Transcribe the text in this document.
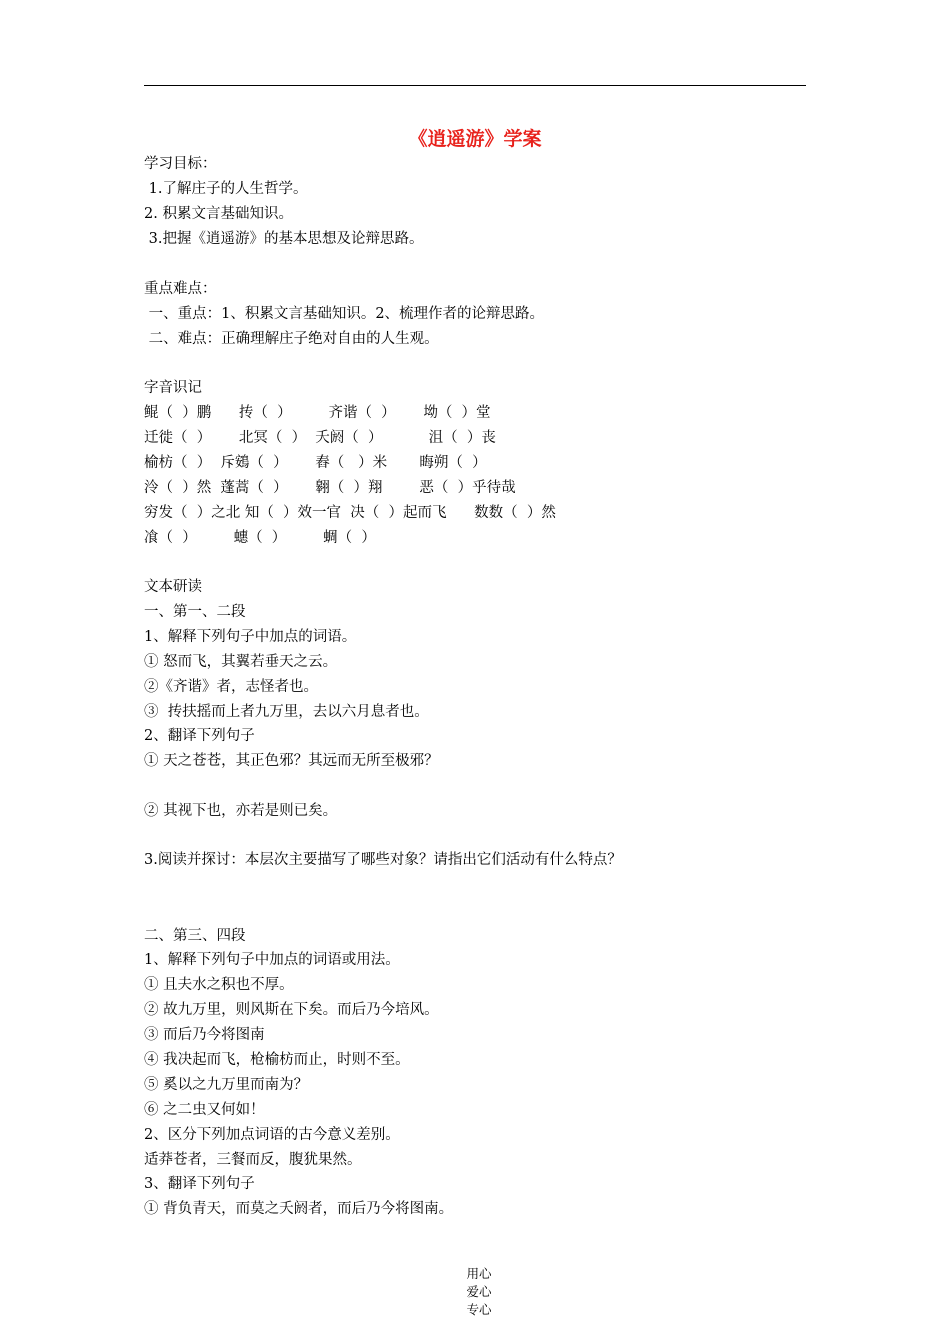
《逍遥游》学案

学习目标：

1.了解庄子的人生哲学。

2. 积累文言基础知识。

3.把握《逍遥游》的基本思想及论辩思路。

重点难点：

一、重点：1、积累文言基础知识。2、梳理作者的论辩思路。

二、难点：正确理解庄子绝对自由的人生观。

字音识记

鲲（  ）鹏      抟（  ）        齐谐（  ）      坳（  ）堂

迁徙（  ）      北冥（  ）  夭阏（  ）          沮（  ）丧

榆枋（  ）  斥鴳（  ）      舂（   ）米       晦朔（  ）

泠（  ）然  蓬蒿（  ）      翱（  ）翔        恶（  ）乎待哉

穷发（  ）之北 知（  ）效一官  决（  ）起而飞      数数（  ）然

飡（  ）        蟪（  ）        蜩（  ）

文本研读

一、第一、二段

1、解释下列句子中加点的词语。

① 怒而飞，其翼若垂天之云。

②《齐谐》者，志怪者也。

③  抟扶摇而上者九万里，去以六月息者也。

2、翻译下列句子

① 天之苍苍，其正色邪？其远而无所至极邪？

② 其视下也，亦若是则已矣。

3.阅读并探讨：本层次主要描写了哪些对象？请指出它们活动有什么特点？

二、第三、四段

1、解释下列句子中加点的词语或用法。

① 且夫水之积也不厚。

② 故九万里，则风斯在下矣。而后乃今培风。

③ 而后乃今将图南

④ 我决起而飞，枪榆枋而止，时则不至。

⑤ 奚以之九万里而南为？

⑥ 之二虫又何如！

2、区分下列加点词语的古今意义差别。

适莽苍者，三餐而反，腹犹果然。

3、翻译下列句子

① 背负青天，而莫之夭阏者，而后乃今将图南。

用心
爱心
专心
